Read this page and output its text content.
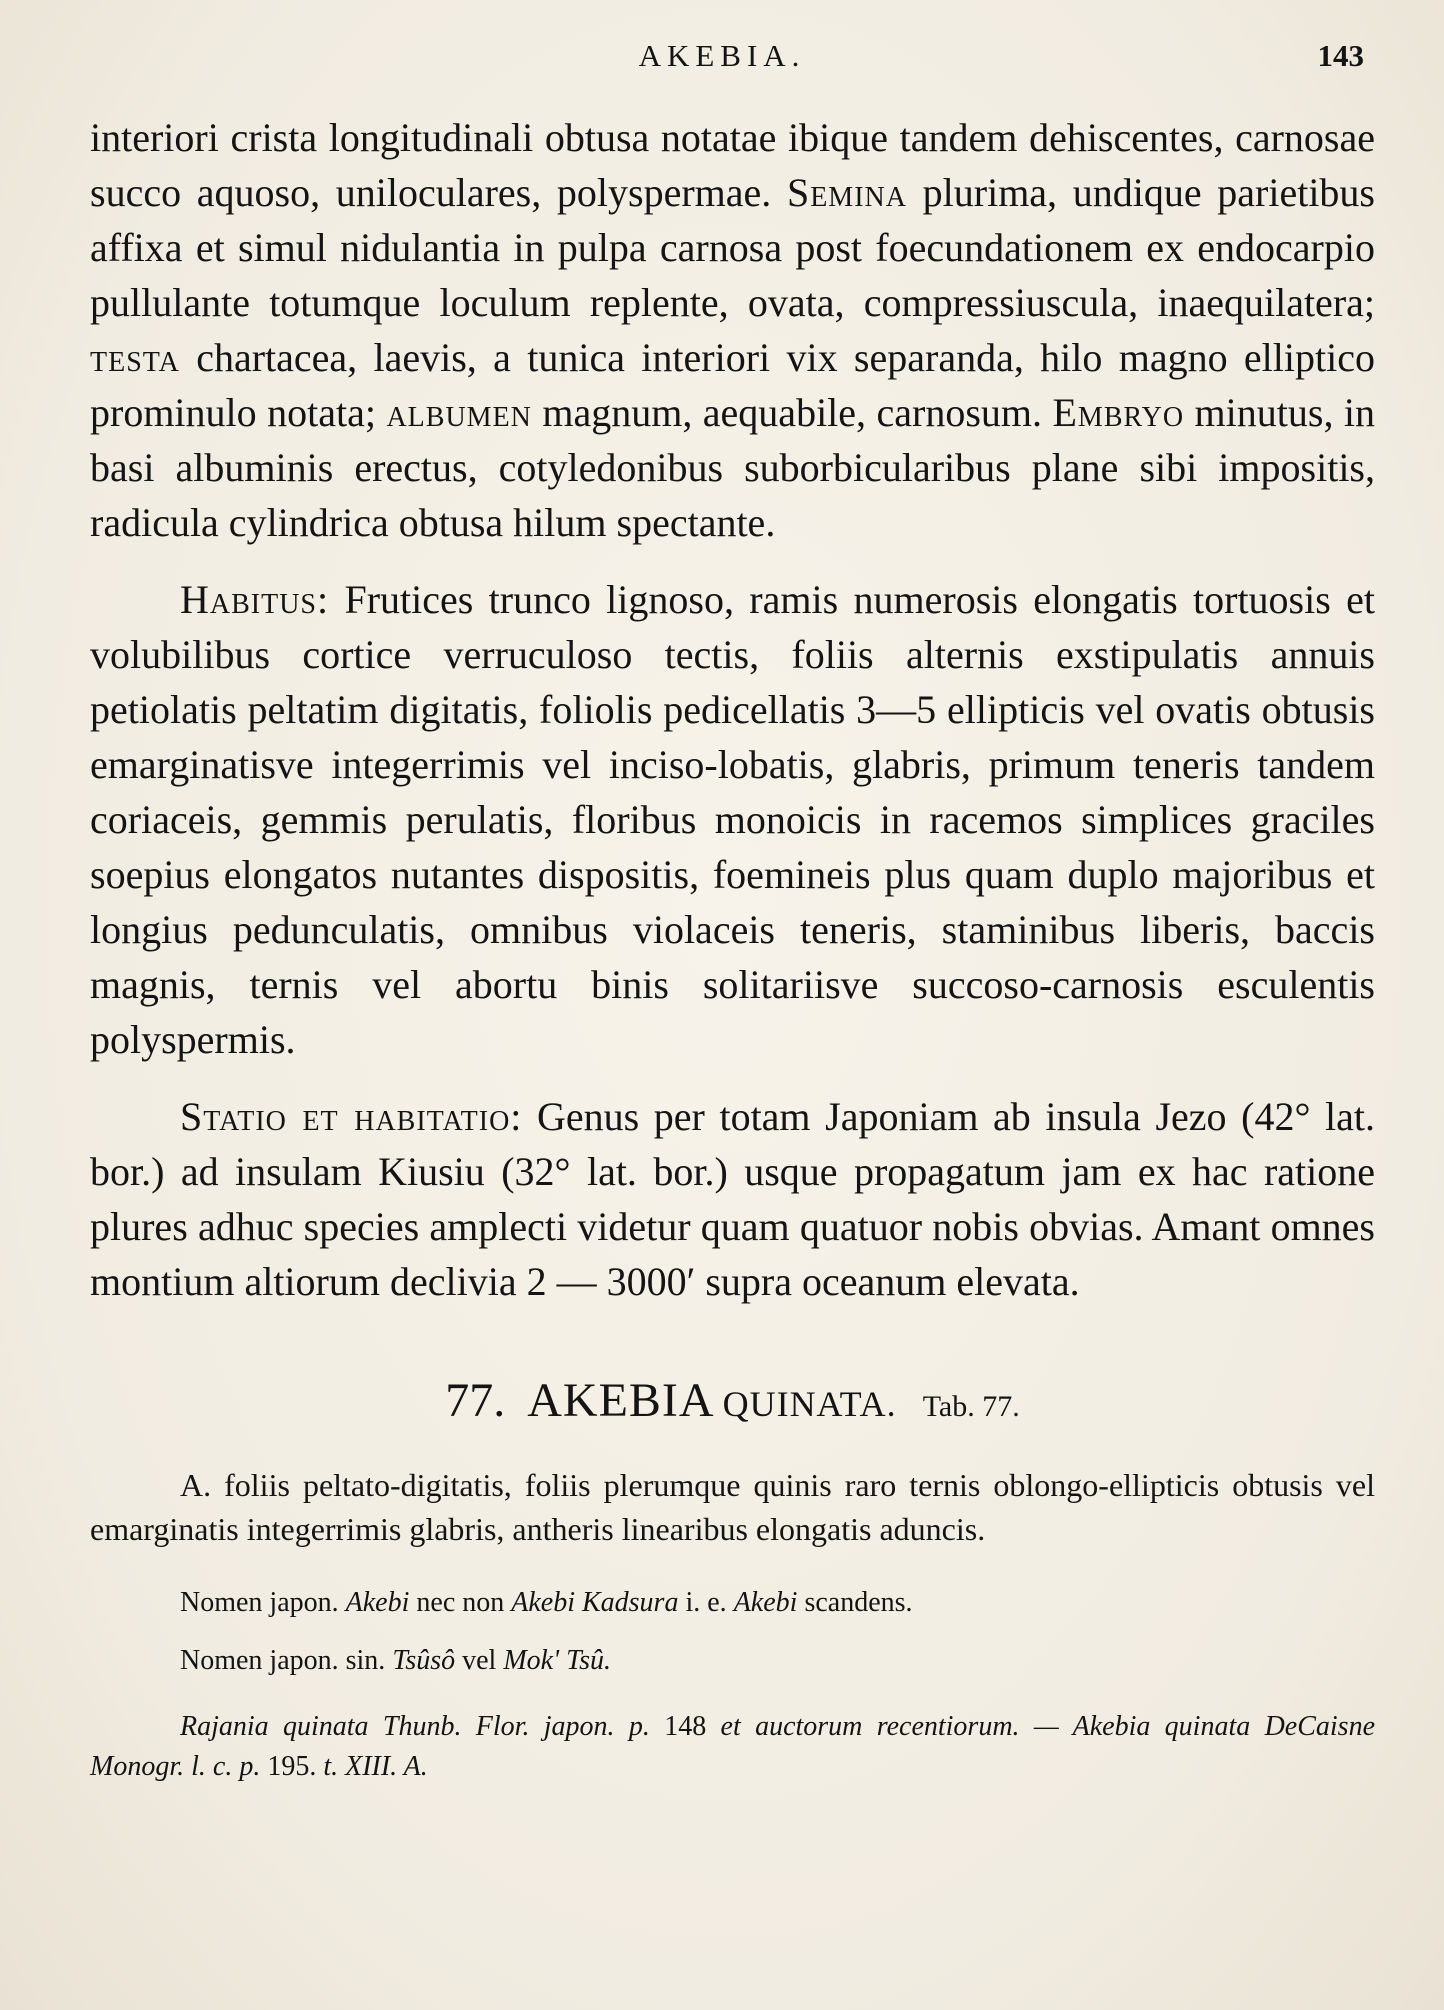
AKEBIA.	143

interiori crista longitudinali obtusa notatae ibique tandem dehiscentes, carnosae succo aquoso, uniloculares, polyspermae. Semina plurima, undique parietibus affixa et simul nidulantia in pulpa carnosa post foecundationem ex endocarpio pullulante totumque loculum replente, ovata, compressiuscula, inaequilatera; testa chartacea, laevis, a tunica interiori vix separanda, hilo magno elliptico prominulo notata; albumen magnum, aequabile, carnosum. Embryo minutus, in basi albuminis erectus, cotyledonibus suborbicularibus plane sibi impositis, radicula cylindrica obtusa hilum spectante.

Habitus: Frutices trunco lignoso, ramis numerosis elongatis tortuosis et volubilibus cortice verruculoso tectis, foliis alternis exstipulatis annuis petiolatis peltatim digitatis, foliolis pedicellatis 3—5 ellipticis vel ovatis obtusis emarginatisve integerrimis vel inciso-lobatis, glabris, primum teneris tandem coriaceis, gemmis perulatis, floribus monoicis in racemos simplices graciles soepius elongatos nutantes dispositis, foemineis plus quam duplo majoribus et longius pedunculatis, omnibus violaceis teneris, staminibus liberis, baccis magnis, ternis vel abortu binis solitariisve succoso-carnosis esculentis polyspermis.

Statio et habitatio: Genus per totam Japoniam ab insula Jezo (42° lat. bor.) ad insulam Kiusiu (32° lat. bor.) usque propagatum jam ex hac ratione plures adhuc species amplecti videtur quam quatuor nobis obvias. Amant omnes montium altiorum declivia 2 — 3000′ supra oceanum elevata.

77. AKEBIA QUINATA. Tab. 77.

A. foliis peltato-digitatis, foliis plerumque quinis raro ternis oblongo-ellipticis obtusis vel emarginatis integerrimis glabris, antheris linearibus elongatis aduncis.

Nomen japon. Akebi nec non Akebi Kadsura i. e. Akebi scandens.
Nomen japon. sin. Tsûsô vel Mok' Tsû.

Rajania quinata Thunb. Flor. japon. p. 148 et auctorum recentiorum. — Akebia quinata DeCaisne Monogr. l. c. p. 195. t. XIII. A.
